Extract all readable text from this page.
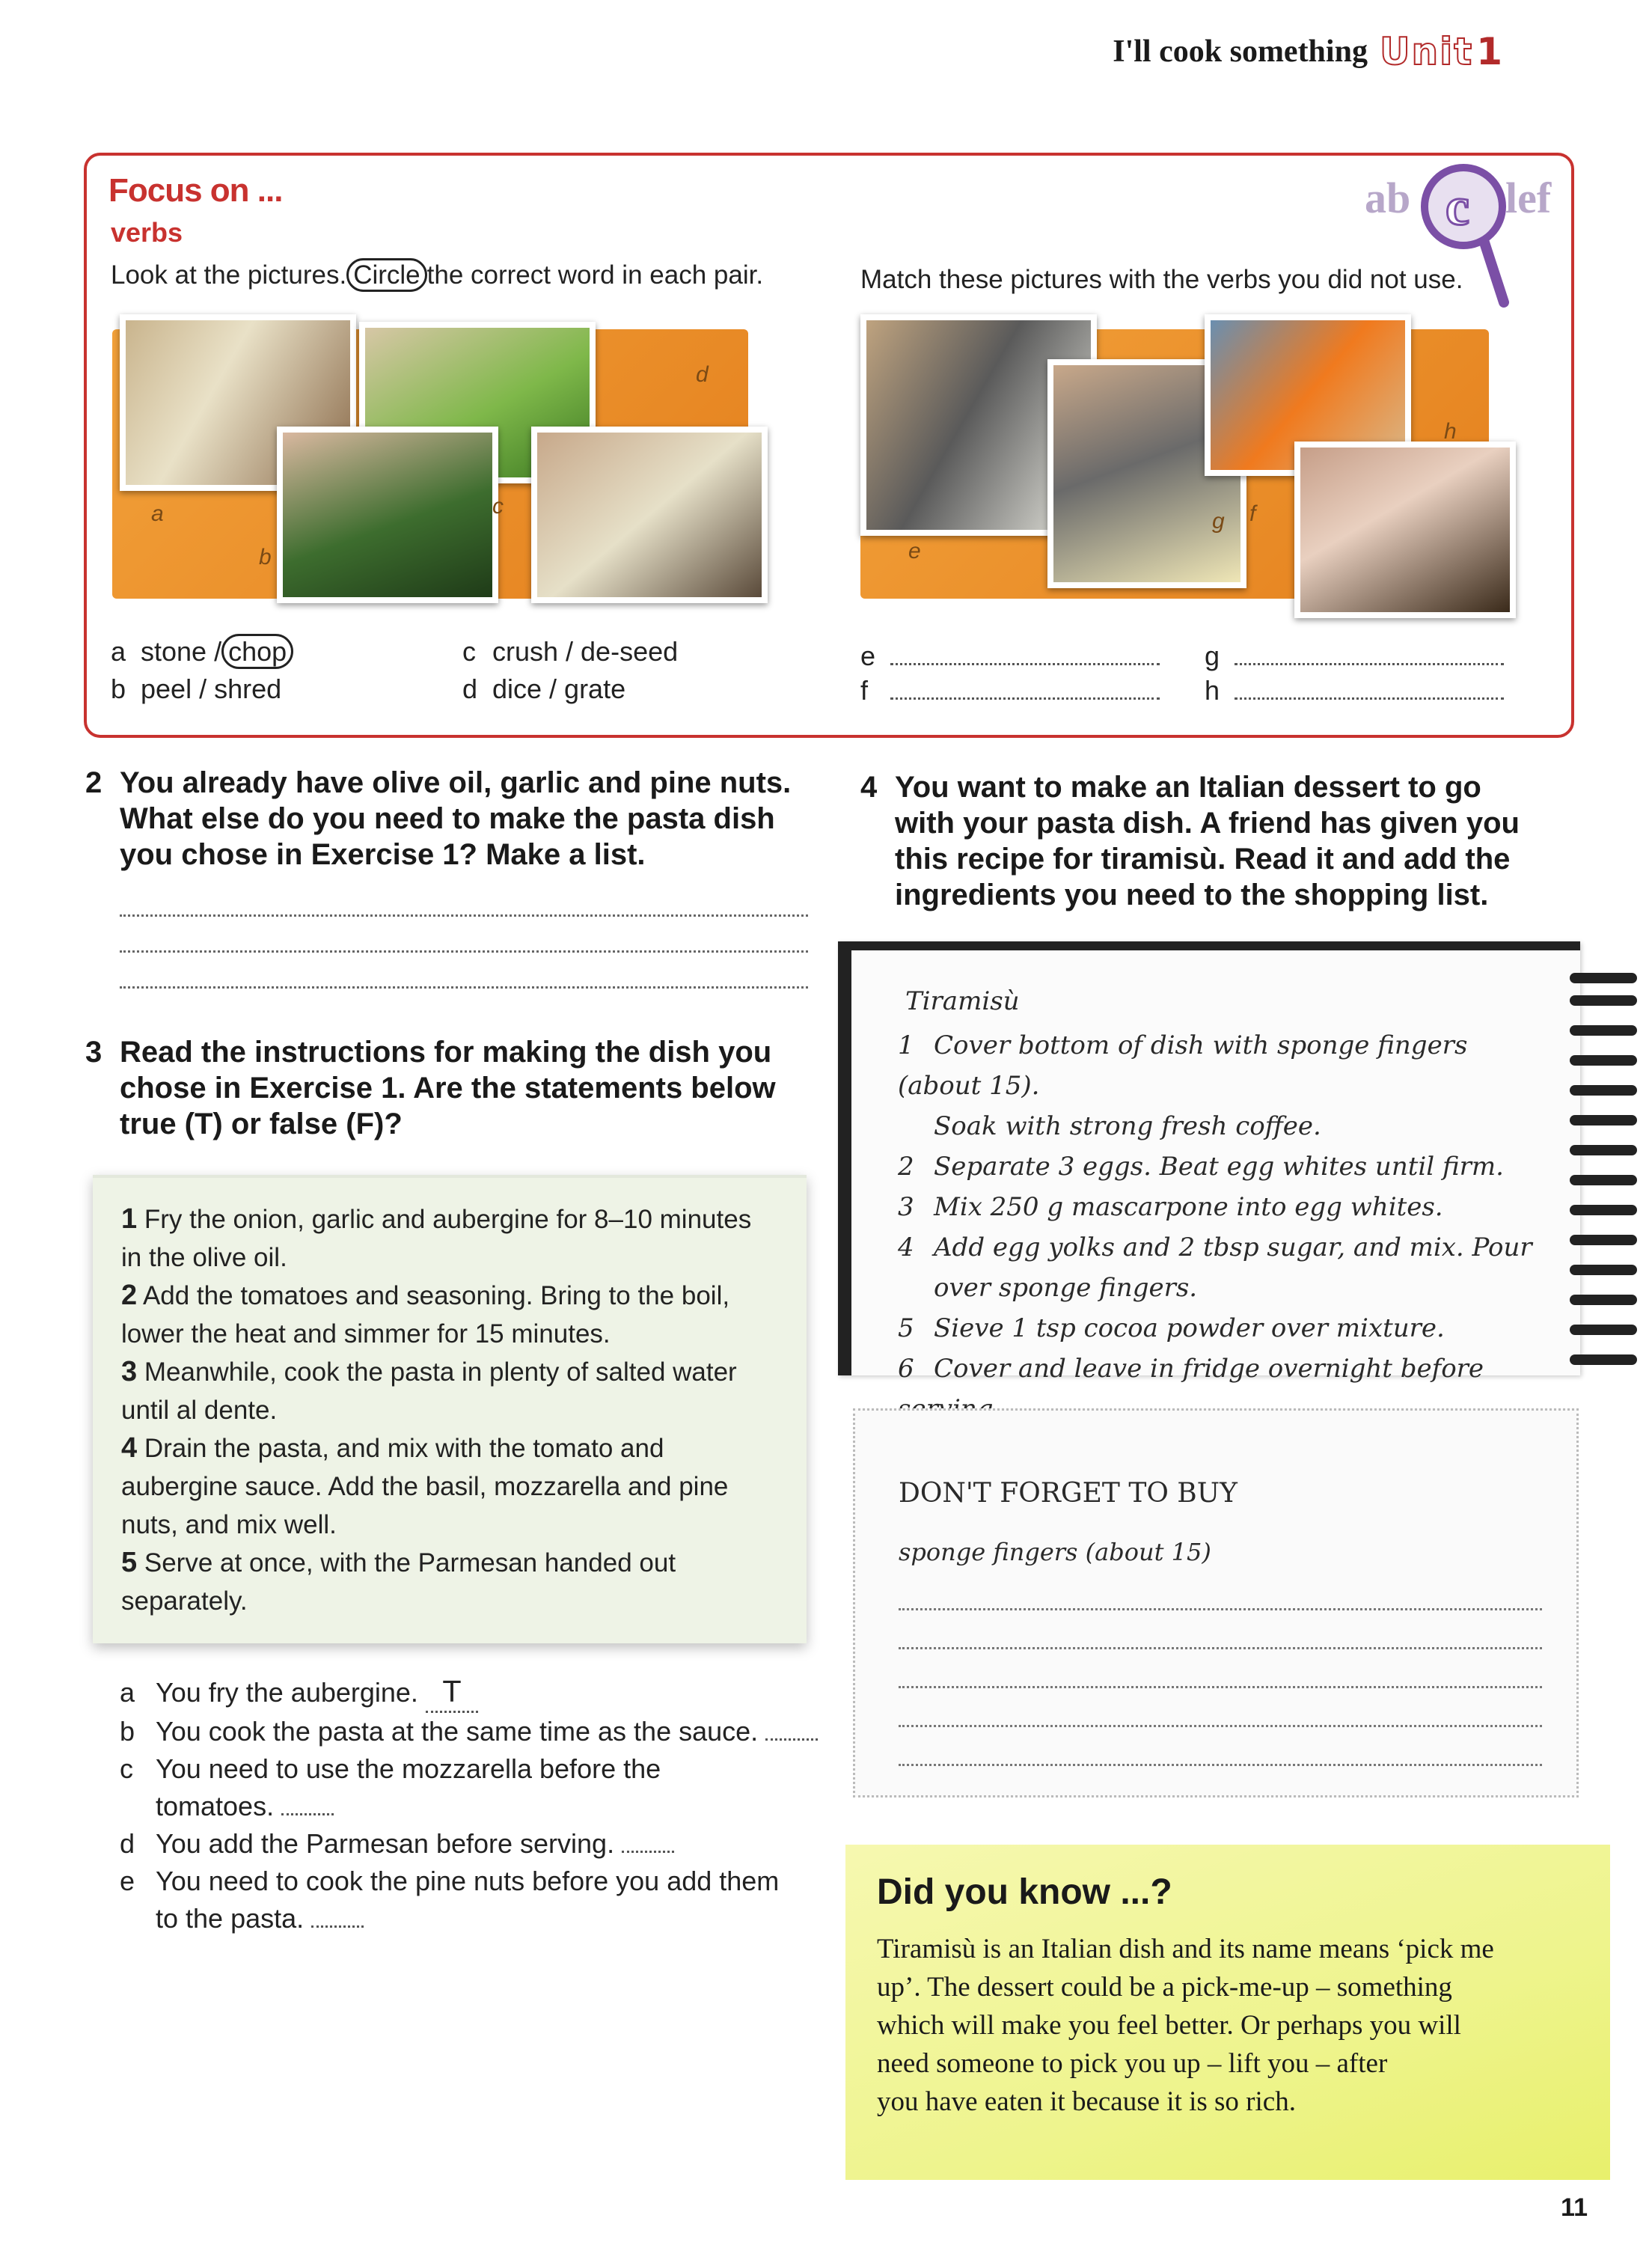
I'll cook something Unit 1
Focus on ...
verbs
ab c lef
Look at the pictures. Circle the correct word in each pair.	Match these pictures with the verbs you did not use.
a
b
c
d
e
f
g
h
a stone / chop
b peel / shred
c crush / de-seed
d dice / grate
e
f
g
h
2 You already have olive oil, garlic and pine nuts.
What else do you need to make the pasta dish
you chose in Exercise 1? Make a list.
3 Read the instructions for making the dish you
chose in Exercise 1. Are the statements below
true (T) or false (F)?
1 Fry the onion, garlic and aubergine for 8–10 minutes
in the olive oil.
2 Add the tomatoes and seasoning. Bring to the boil,
lower the heat and simmer for 15 minutes.
3 Meanwhile, cook the pasta in plenty of salted water
until al dente.
4 Drain the pasta, and mix with the tomato and
aubergine sauce. Add the basil, mozzarella and pine
nuts, and mix well.
5 Serve at once, with the Parmesan handed out
separately.
a You fry the aubergine. T
b You cook the pasta at the same time as the sauce.
c You need to use the mozzarella before the
tomatoes.
d You add the Parmesan before serving.
e You need to cook the pine nuts before you add them
to the pasta.
4 You want to make an Italian dessert to go
with your pasta dish. A friend has given you
this recipe for tiramisù. Read it and add the
ingredients you need to the shopping list.
Tiramisù
1 Cover bottom of dish with sponge fingers (about 15).
Soak with strong fresh coffee.
2 Separate 3 eggs. Beat egg whites until firm.
3 Mix 250 g mascarpone into egg whites.
4 Add egg yolks and 2 tbsp sugar, and mix. Pour
over sponge fingers.
5 Sieve 1 tsp cocoa powder over mixture.
6 Cover and leave in fridge overnight before
DON'T FORGET TO BUY
sponge fingers (about 15)
Did you know ...?
Tiramisù is an Italian dish and its name means ‘pick me
up’. The dessert could be a pick-me-up – something
which will make you feel better. Or perhaps you will
need someone to pick you up – lift you – after
you have eaten it because it is so rich.
11
